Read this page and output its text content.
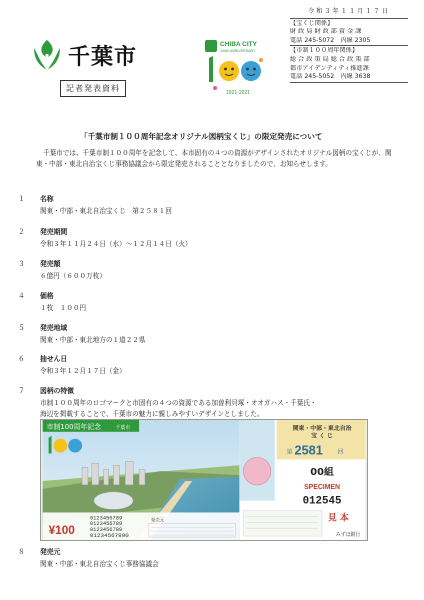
千葉市
記者発表資料
CHIBA CITY
100th ANNIVERSARY
1921-2021
令和３年１１月１７日
【宝くじ関係】
財 政 局 財 政 部 資 金 課
電話 245-5072　内線 2305
【市制１００周年関係】
総 合 政 策 局 総 合 政 策 部
都市アイデンティティ推進課
電話 245-5052　内線 3638
「千葉市制１００周年記念オリジナル図柄宝くじ」の限定発売について

千葉市では、千葉市制１００周年を記念して、本市固有の４つの資源がデザインされたオリジナル図柄の宝くじが、関東・中部・東北自治宝くじ事務協議会から限定発売されることとなりましたので、お知らせします。

１	名称
関東・中部・東北自治宝くじ　第２５８１回
２	発売期間
令和３年１１月２４日（水）～１２月１４日（火）
３	発売額
６億円（６００万枚）
４	価格
１枚　１００円
５	発売地域
関東・中部・東北地方の１道２２県
６	抽せん日
令和３年１２月１７日（金）
７	図柄の特徴
市制１００周年のロゴマークと市固有の４つの資源である加曽利貝塚・オオガハス・千葉氏・
海辺を掲載することで、千葉市の魅力に親しみやすいデザインとしました。
市制100周年記念	千葉市
¥100
0123456789
0123456789
0123456789
01234567890
発売元
関東・中部・東北自治
宝 く じ
第 2581 回
00組
SPECIMEN
012545
見 本
みずほ銀行
８	発売元
関東・中部・東北自治宝くじ事務協議会
